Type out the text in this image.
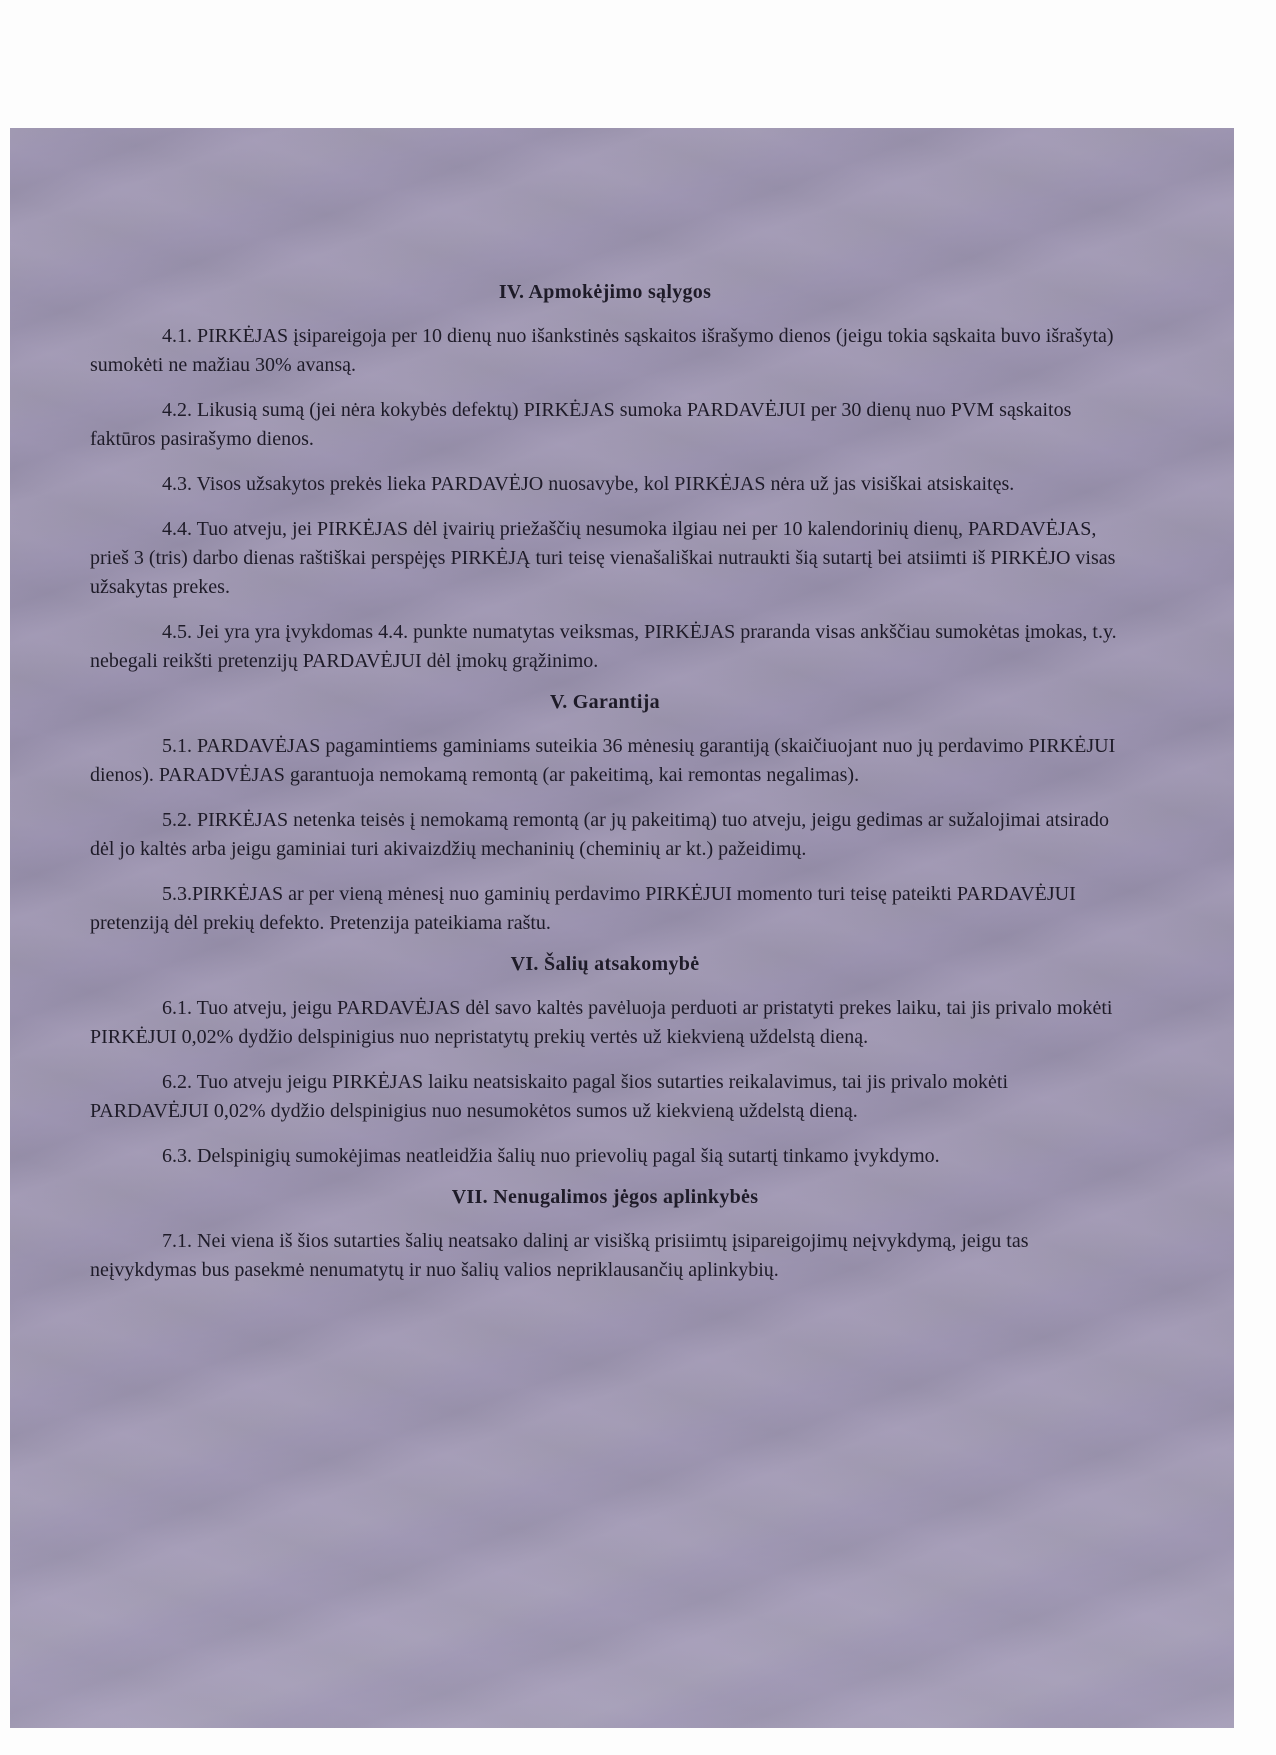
IV. Apmokėjimo sąlygos

4.1. PIRKĖJAS įsipareigoja per 10 dienų nuo išankstinės sąskaitos išrašymo dienos (jeigu tokia sąskaita buvo išrašyta) sumokėti ne mažiau 30% avansą.

4.2. Likusią sumą (jei nėra kokybės defektų) PIRKĖJAS sumoka PARDAVĖJUI per 30 dienų nuo PVM sąskaitos faktūros pasirašymo dienos.

4.3. Visos užsakytos prekės lieka PARDAVĖJO nuosavybe, kol PIRKĖJAS nėra už jas visiškai atsiskaitęs.

4.4. Tuo atveju, jei PIRKĖJAS dėl įvairių priežaščių nesumoka ilgiau nei per 10 kalendorinių dienų, PARDAVĖJAS, prieš 3 (tris) darbo dienas raštiškai perspėjęs PIRKĖJĄ turi teisę vienašališkai nutraukti šią sutartį bei atsiimti iš PIRKĖJO visas užsakytas prekes.

4.5. Jei yra yra įvykdomas 4.4. punkte numatytas veiksmas, PIRKĖJAS praranda visas ankščiau sumokėtas įmokas, t.y. nebegali reikšti pretenzijų PARDAVĖJUI dėl įmokų grąžinimo.

V. Garantija

5.1. PARDAVĖJAS pagamintiems gaminiams suteikia 36 mėnesių garantiją (skaičiuojant nuo jų perdavimo PIRKĖJUI dienos). PARADVĖJAS garantuoja nemokamą remontą (ar pakeitimą, kai remontas negalimas).

5.2. PIRKĖJAS netenka teisės į nemokamą remontą (ar jų pakeitimą) tuo atveju, jeigu gedimas ar sužalojimai atsirado dėl jo kaltės arba jeigu gaminiai turi akivaizdžių mechaninių (cheminių ar kt.) pažeidimų.

5.3.PIRKĖJAS ar per vieną mėnesį nuo gaminių perdavimo PIRKĖJUI momento turi teisę pateikti PARDAVĖJUI pretenziją dėl prekių defekto. Pretenzija pateikiama raštu.

VI. Šalių atsakomybė

6.1. Tuo atveju, jeigu PARDAVĖJAS dėl savo kaltės pavėluoja perduoti ar pristatyti prekes laiku, tai jis privalo mokėti PIRKĖJUI 0,02% dydžio delspinigius nuo nepristatytų prekių vertės už kiekvieną uždelstą dieną.

6.2. Tuo atveju jeigu PIRKĖJAS laiku neatsiskaito pagal šios sutarties reikalavimus, tai jis privalo mokėti PARDAVĖJUI 0,02% dydžio delspinigius nuo nesumokėtos sumos už kiekvieną uždelstą dieną.

6.3. Delspinigių sumokėjimas neatleidžia šalių nuo prievolių pagal šią sutartį tinkamo įvykdymo.

VII. Nenugalimos jėgos aplinkybės

7.1. Nei viena iš šios sutarties šalių neatsako dalinį ar visišką prisiimtų įsipareigojimų neįvykdymą, jeigu tas neįvykdymas bus pasekmė nenumatytų ir nuo šalių valios nepriklausančių aplinkybių.
